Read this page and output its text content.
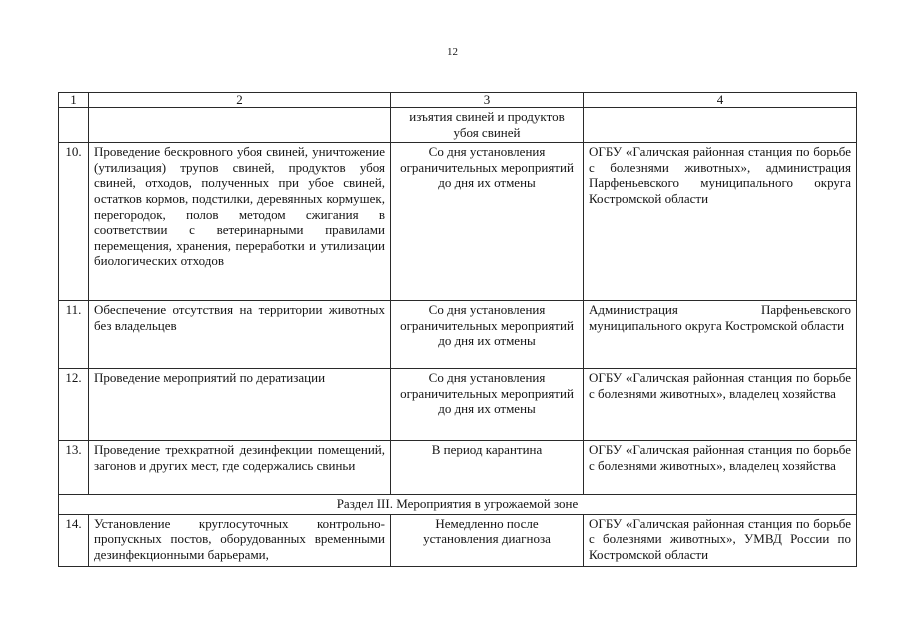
12
1	2	3	4
		изъятия свиней и продуктов убоя свиней	
10.	Проведение бескровного убоя свиней, уничтожение (утилизация) трупов свиней, продуктов убоя свиней, отходов, полученных при убое свиней, остатков кормов, подстилки, деревянных кормушек, перегородок, полов методом сжигания в соответствии с ветеринарными правилами перемещения, хранения, переработки и утилизации биологических отходов	Со дня установления ограничительных мероприятий до дня их отмены	ОГБУ «Галичская районная станция по борьбе с болезнями животных», администрация Парфеньевского муниципального округа Костромской области
11.	Обеспечение отсутствия на территории животных без владельцев	Со дня установления ограничительных мероприятий до дня их отмены	Администрация Парфеньевского муниципального округа Костромской области
12.	Проведение мероприятий по дератизации	Со дня установления ограничительных мероприятий до дня их отмены	ОГБУ «Галичская районная станция по борьбе с болезнями животных», владелец хозяйства
13.	Проведение трехкратной дезинфекции помещений, загонов и других мест, где содержались свиньи	В период карантина	ОГБУ «Галичская районная станция по борьбе с болезнями животных», владелец хозяйства
Раздел III. Мероприятия в угрожаемой зоне			
14.	Установление круглосуточных контрольно-пропускных постов, оборудованных временными дезинфекционными барьерами,	Немедленно после установления диагноза	ОГБУ «Галичская районная станция по борьбе с болезнями животных», УМВД России по Костромской области
